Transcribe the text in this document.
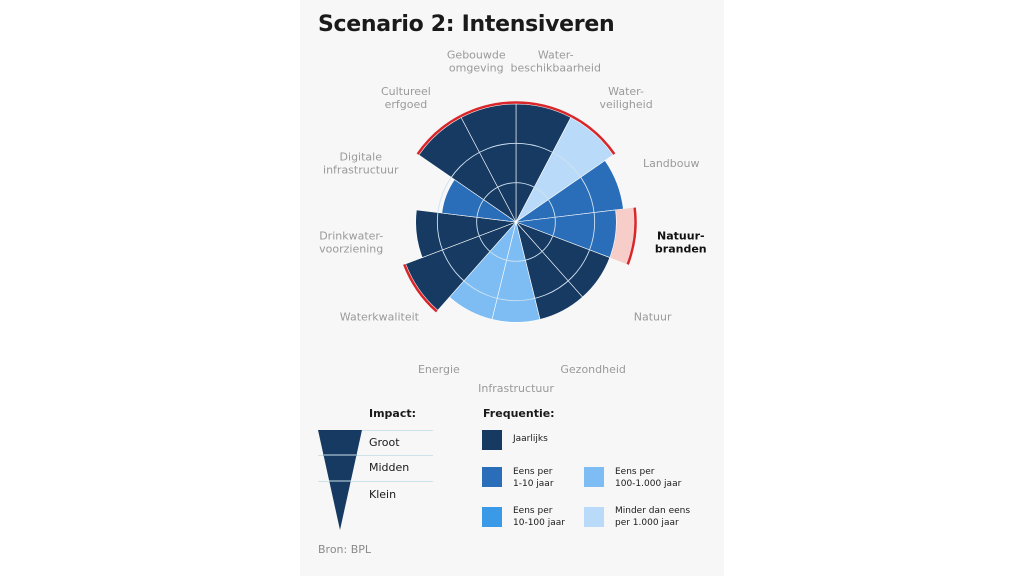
Scenario 2: Intensiveren
Water-beschikbaarheid
Water-veiligheid
Landbouw
Natuur-branden
Natuur
Gezondheid
Infrastructuur
Energie
Waterkwaliteit
Drinkwater-voorziening
Digitale infrastructuur
Cultureel erfgoed
Gebouwde omgeving
Impact:
Groot
Midden
Klein
Frequentie:
Jaarlijks
Eens per
1-10 jaar
Eens per
10-100 jaar
Eens per
100-1.000 jaar
Minder dan eens
per 1.000 jaar
Bron: BPL
